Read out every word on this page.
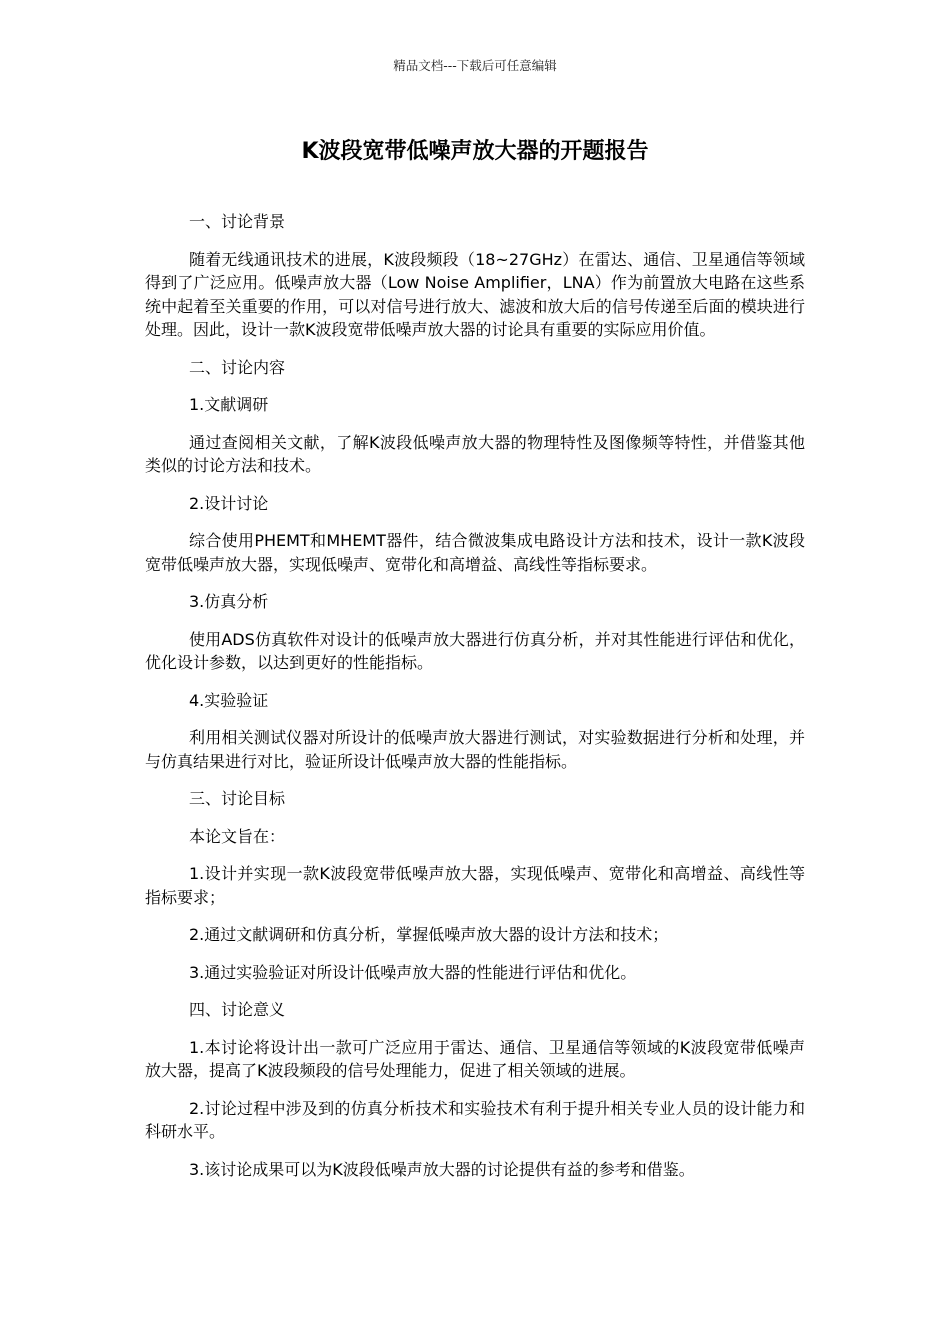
精品文档---下载后可任意编辑
K波段宽带低噪声放大器的开题报告

一、讨论背景

随着无线通讯技术的进展，K波段频段（18~27GHz）在雷达、通信、卫星通信等领域得到了广泛应用。低噪声放大器（Low Noise Amplifier，LNA）作为前置放大电路在这些系统中起着至关重要的作用，可以对信号进行放大、滤波和放大后的信号传递至后面的模块进行处理。因此，设计一款K波段宽带低噪声放大器的讨论具有重要的实际应用价值。

二、讨论内容

1.文献调研

通过查阅相关文献，了解K波段低噪声放大器的物理特性及图像频等特性，并借鉴其他类似的讨论方法和技术。

2.设计讨论

综合使用PHEMT和MHEMT器件，结合微波集成电路设计方法和技术，设计一款K波段宽带低噪声放大器，实现低噪声、宽带化和高增益、高线性等指标要求。

3.仿真分析

使用ADS仿真软件对设计的低噪声放大器进行仿真分析，并对其性能进行评估和优化，优化设计参数，以达到更好的性能指标。

4.实验验证

利用相关测试仪器对所设计的低噪声放大器进行测试，对实验数据进行分析和处理，并与仿真结果进行对比，验证所设计低噪声放大器的性能指标。

三、讨论目标

本论文旨在：

1.设计并实现一款K波段宽带低噪声放大器，实现低噪声、宽带化和高增益、高线性等指标要求；

2.通过文献调研和仿真分析，掌握低噪声放大器的设计方法和技术；

3.通过实验验证对所设计低噪声放大器的性能进行评估和优化。

四、讨论意义

1.本讨论将设计出一款可广泛应用于雷达、通信、卫星通信等领域的K波段宽带低噪声放大器，提高了K波段频段的信号处理能力，促进了相关领域的进展。

2.讨论过程中涉及到的仿真分析技术和实验技术有利于提升相关专业人员的设计能力和科研水平。

3.该讨论成果可以为K波段低噪声放大器的讨论提供有益的参考和借鉴。
